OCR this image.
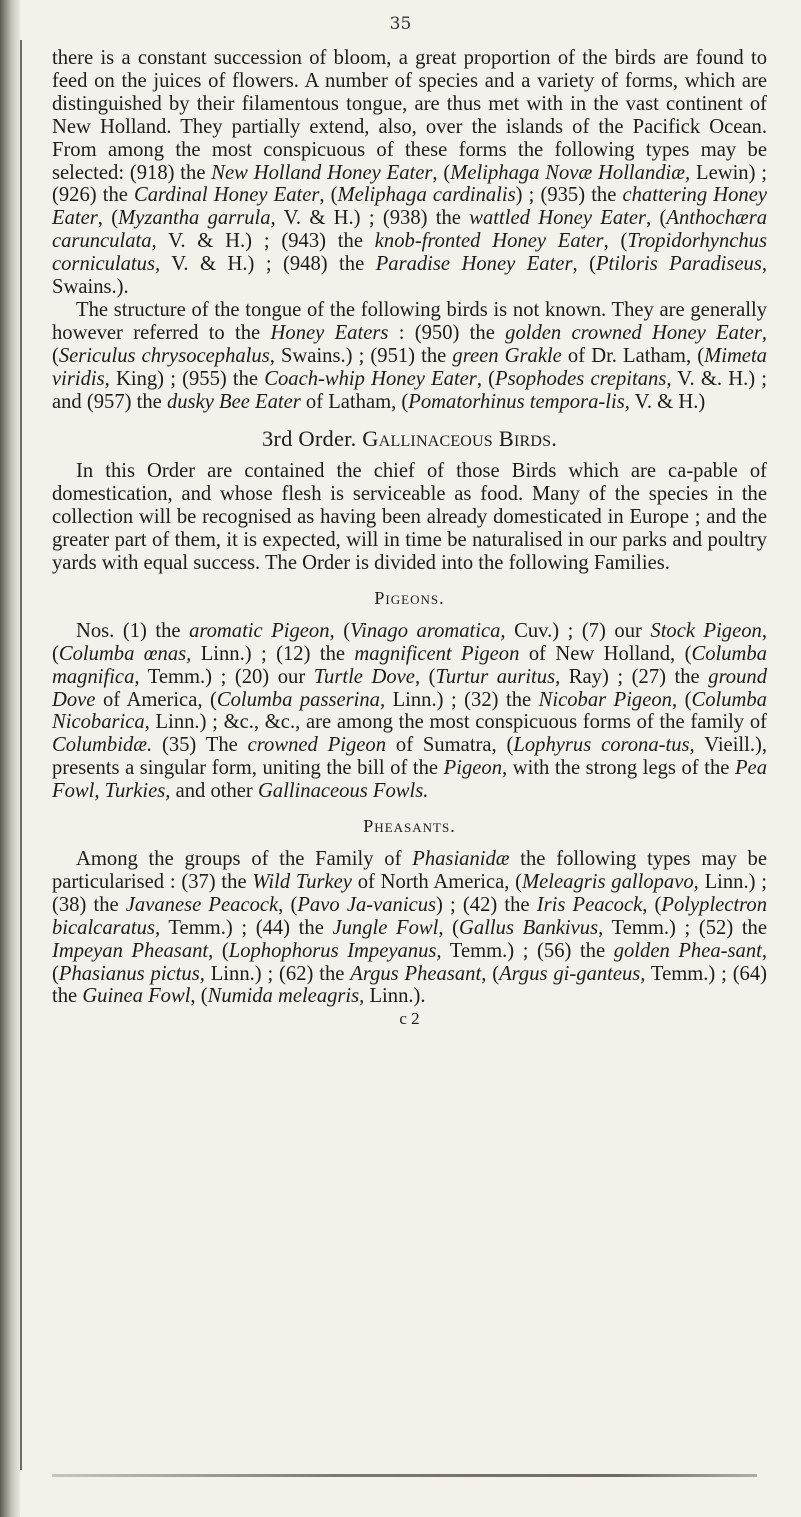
35

there is a constant succession of bloom, a great proportion of the birds are found to feed on the juices of flowers. A number of species and a variety of forms, which are distinguished by their filamentous tongue, are thus met with in the vast continent of New Holland. They partially extend, also, over the islands of the Pacifick Ocean. From among the most conspicuous of these forms the following types may be selected: (918) the New Holland Honey Eater, (Meliphaga Novæ Hollandiæ, Lewin) ; (926) the Cardinal Honey Eater, (Meliphaga cardinalis) ; (935) the chattering Honey Eater, (Myzantha garrula, V. & H.) ; (938) the wattled Honey Eater, (Anthochæra carunculata, V. & H.) ; (943) the knob-fronted Honey Eater, (Tropidorhynchus corniculatus, V. & H.) ; (948) the Paradise Honey Eater, (Ptiloris Paradiseus, Swains.).

The structure of the tongue of the following birds is not known. They are generally however referred to the Honey Eaters : (950) the golden crowned Honey Eater, (Sericulus chrysocephalus, Swains.) ; (951) the green Grakle of Dr. Latham, (Mimeta viridis, King) ; (955) the Coach-whip Honey Eater, (Psophodes crepitans, V. &. H.) ; and (957) the dusky Bee Eater of Latham, (Pomatorhinus tempora-lis, V. & H.)

3rd Order. Gallinaceous Birds.

In this Order are contained the chief of those Birds which are ca-pable of domestication, and whose flesh is serviceable as food. Many of the species in the collection will be recognised as having been already domesticated in Europe ; and the greater part of them, it is expected, will in time be naturalised in our parks and poultry yards with equal success. The Order is divided into the following Families.

Pigeons.

Nos. (1) the aromatic Pigeon, (Vinago aromatica, Cuv.) ; (7) our Stock Pigeon, (Columba œnas, Linn.) ; (12) the magnificent Pigeon of New Holland, (Columba magnifica, Temm.) ; (20) our Turtle Dove, (Turtur auritus, Ray) ; (27) the ground Dove of America, (Columba passerina, Linn.) ; (32) the Nicobar Pigeon, (Columba Nicobarica, Linn.) ; &c., &c., are among the most conspicuous forms of the family of Columbidæ. (35) The crowned Pigeon of Sumatra, (Lophyrus corona-tus, Vieill.), presents a singular form, uniting the bill of the Pigeon, with the strong legs of the Pea Fowl, Turkies, and other Gallinaceous Fowls.

Pheasants.

Among the groups of the Family of Phasianidæ the following types may be particularised : (37) the Wild Turkey of North America, (Meleagris gallopavo, Linn.) ; (38) the Javanese Peacock, (Pavo Ja-vanicus) ; (42) the Iris Peacock, (Polyplectron bicalcaratus, Temm.) ; (44) the Jungle Fowl, (Gallus Bankivus, Temm.) ; (52) the Impeyan Pheasant, (Lophophorus Impeyanus, Temm.) ; (56) the golden Phea-sant, (Phasianus pictus, Linn.) ; (62) the Argus Pheasant, (Argus gi-ganteus, Temm.) ; (64) the Guinea Fowl, (Numida meleagris, Linn.).

c 2
